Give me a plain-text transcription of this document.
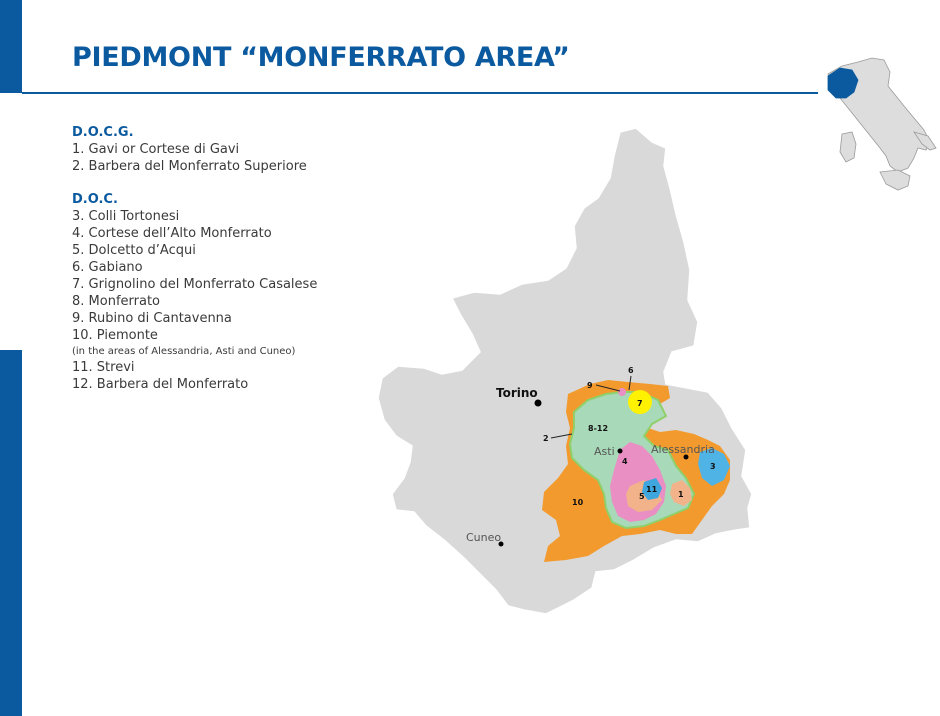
PIEDMONT “MONFERRATO AREA”
D.O.C.G.
1. Gavi or Cortese di Gavi
2. Barbera del Monferrato Superiore
D.O.C.
3. Colli Tortonesi
4. Cortese dell’Alto Monferrato
5. Dolcetto d’Acqui
6. Gabiano
7. Grignolino del Monferrato Casalese
8. Monferrato
9. Rubino di Cantavenna
10. Piemonte
(in the areas of Alessandria, Asti and Cuneo)
11. Strevi
12. Barbera del Monferrato
Torino
Asti	Alessandria
Cuneo
9
6
7
8-12
2
4
3
11
5	1
10
